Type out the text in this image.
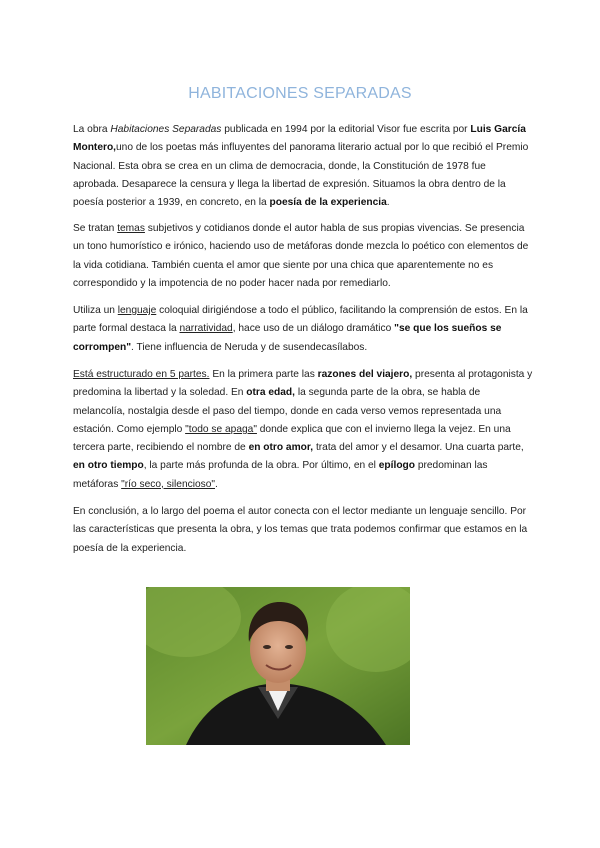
HABITACIONES SEPARADAS

La obra Habitaciones Separadas publicada en 1994 por la editorial Visor fue escrita por Luis García Montero,uno de los poetas más influyentes del panorama literario actual por lo que recibió el Premio Nacional. Esta obra se crea en un clima de democracia, donde, la Constitución de 1978 fue aprobada. Desaparece la censura y llega la libertad de expresión. Situamos la obra dentro de la poesía posterior a 1939, en concreto, en la poesía de la experiencia.

Se tratan temas subjetivos y cotidianos donde el autor habla de sus propias vivencias. Se presencia un tono humorístico e irónico, haciendo uso de metáforas donde mezcla lo poético con elementos de la vida cotidiana. También cuenta el amor que siente por una chica que aparentemente no es correspondido y la impotencia de no poder hacer nada por remediarlo.

Utiliza un lenguaje coloquial dirigiéndose a todo el público, facilitando la comprensión de estos. En la parte formal destaca la narratividad, hace uso de un diálogo dramático "se que los sueños se corrompen". Tiene influencia de Neruda y de susendecasílabos.

Está estructurado en 5 partes. En la primera parte las razones del viajero, presenta al protagonista y predomina la libertad y la soledad. En otra edad, la segunda parte de la obra, se habla de melancolía, nostalgia desde el paso del tiempo, donde en cada verso vemos representada una estación. Como ejemplo "todo se apaga" donde explica que con el invierno llega la vejez. En una tercera parte, recibiendo el nombre de en otro amor, trata del amor y el desamor. Una cuarta parte, en otro tiempo, la parte más profunda de la obra. Por último, en el epílogo predominan las metáforas "río seco, silencioso".

En conclusión, a lo largo del poema el autor conecta con el lector mediante un lenguaje sencillo. Por las características que presenta la obra, y los temas que trata podemos confirmar que estamos en la poesía de la experiencia.
